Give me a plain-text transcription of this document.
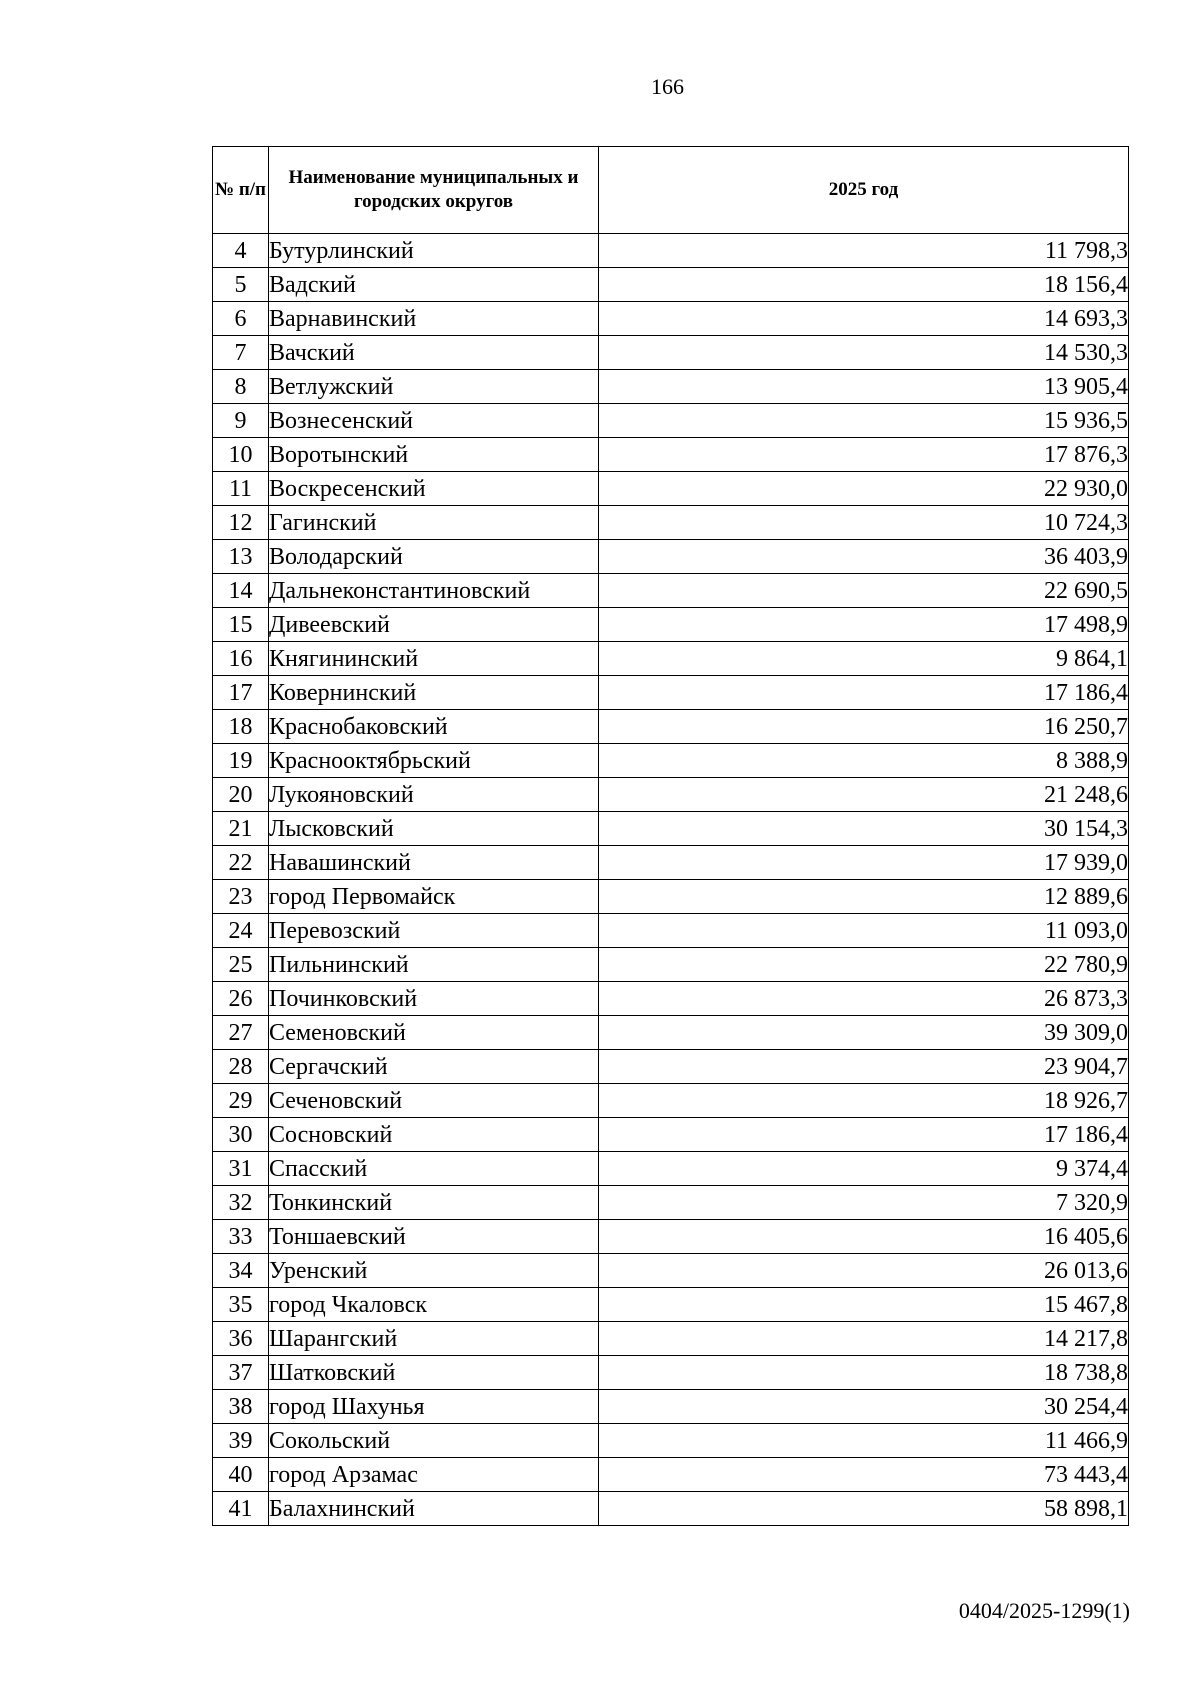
166
№ п/п	Наименование муниципальных и городских округов	2025 год
4	Бутурлинский	11 798,3
5	Вадский	18 156,4
6	Варнавинский	14 693,3
7	Вачский	14 530,3
8	Ветлужский	13 905,4
9	Вознесенский	15 936,5
10	Воротынский	17 876,3
11	Воскресенский	22 930,0
12	Гагинский	10 724,3
13	Володарский	36 403,9
14	Дальнеконстантиновский	22 690,5
15	Дивеевский	17 498,9
16	Княгининский	9 864,1
17	Ковернинский	17 186,4
18	Краснобаковский	16 250,7
19	Краснооктябрьский	8 388,9
20	Лукояновский	21 248,6
21	Лысковский	30 154,3
22	Навашинский	17 939,0
23	город Первомайск	12 889,6
24	Перевозский	11 093,0
25	Пильнинский	22 780,9
26	Починковский	26 873,3
27	Семеновский	39 309,0
28	Сергачский	23 904,7
29	Сеченовский	18 926,7
30	Сосновский	17 186,4
31	Спасский	9 374,4
32	Тонкинский	7 320,9
33	Тоншаевский	16 405,6
34	Уренский	26 013,6
35	город Чкаловск	15 467,8
36	Шарангский	14 217,8
37	Шатковский	18 738,8
38	город Шахунья	30 254,4
39	Сокольский	11 466,9
40	город Арзамас	73 443,4
41	Балахнинский	58 898,1
0404/2025-1299(1)
